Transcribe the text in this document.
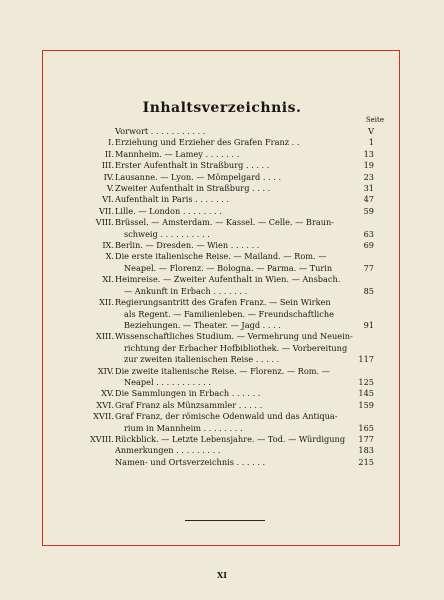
Inhaltsverzeichnis.
Seite
Vorwort . . . . . . . . . . .	V
I. Erziehung und Erzieher des Grafen Franz . .	1
II. Mannheim. — Lamey . . . . . . .	13
III. Erster Aufenthalt in Straßburg . . . . .	19
IV. Lausanne. — Lyon. — Mömpelgard . . . .	23
V. Zweiter Aufenthalt in Straßburg . . . .	31
VI. Aufenthalt in Paris . . . . . . .	47
VII. Lille. — London . . . . . . . .	59
VIII. Brüssel. — Amsterdam. — Kassel. — Celle. — Braun-
schweig . . . . . . . . . .	63
IX. Berlin. — Dresden. — Wien . . . . . .	69
X. Die erste italienische Reise. — Mailand. — Rom. —
Neapel. — Florenz. — Bologna. — Parma. — Turin	77
XI. Heimreise. — Zweiter Aufenthalt in Wien. — Ansbach.
— Ankunft in Erbach . . . . . . .	85
XII. Regierungsantritt des Grafen Franz. — Sein Wirken
als Regent. — Familienleben. — Freundschaftliche
Beziehungen. — Theater. — Jagd . . . .	91
XIII. Wissenschaftliches Studium. — Vermehrung und Neuein-
richtung der Erbacher Hofbibliothek. — Vorbereitung
zur zweiten italienischen Reise . . . . .	117
XIV. Die zweite italienische Reise. — Florenz. — Rom. —
Neapel . . . . . . . . . . .	125
XV. Die Sammlungen in Erbach . . . . . .	145
XVI. Graf Franz als Münzsammler . . . . .	159
XVII. Graf Franz, der römische Odenwald und das Antiqua-
rium in Mannheim . . . . . . . .	165
XVIII. Rückblick. — Letzte Lebensjahre. — Tod. — Würdigung	177
Anmerkungen . . . . . . . . .	183
Namen- und Ortsverzeichnis . . . . . .	215
XI
